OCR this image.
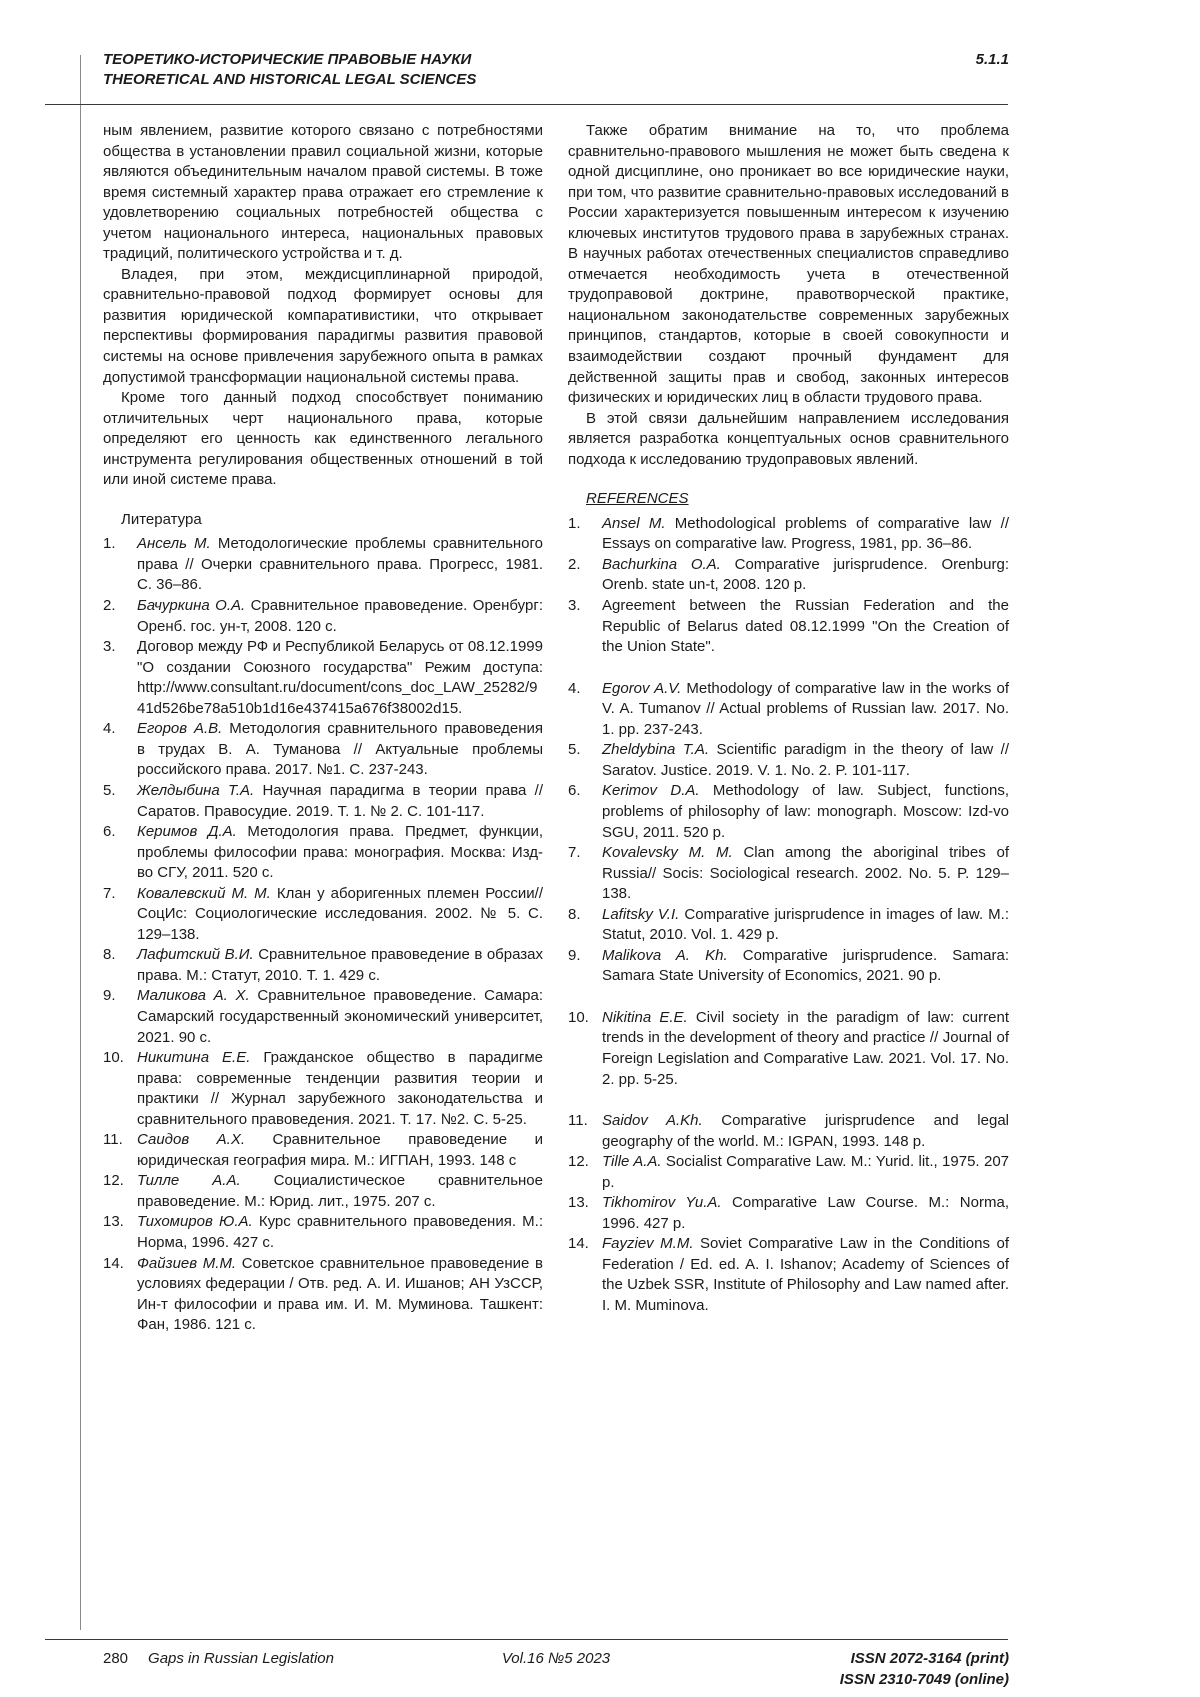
ТЕОРЕТИКО-ИСТОРИЧЕСКИЕ ПРАВОВЫЕ НАУКИ
THEORETICAL AND HISTORICAL LEGAL SCIENCES
5.1.1

ным явлением, развитие которого связано с потребностями общества в установлении правил социальной жизни, которые являются объединительным началом правой системы. В тоже время системный характер права отражает его стремление к удовлетворению социальных потребностей общества с учетом национального интереса, национальных правовых традиций, политического устройства и т. д.

Владея, при этом, междисциплинарной природой, сравнительно-правовой подход формирует основы для развития юридической компаративистики, что открывает перспективы формирования парадигмы развития правовой системы на основе привлечения зарубежного опыта в рамках допустимой трансформации национальной системы права.

Кроме того данный подход способствует пониманию отличительных черт национального права, которые определяют его ценность как единственного легального инструмента регулирования общественных отношений в той или иной системе права.

Литература
1.	Ансель М. Методологические проблемы сравнительного права // Очерки сравнительного права. Прогресс, 1981. С. 36–86.
2.	Бачуркина О.А. Сравнительное правоведение. Оренбург: Оренб. гос. ун-т, 2008. 120 с.
3.	Договор между РФ и Республикой Беларусь от 08.12.1999 "О создании Союзного государства" Режим доступа: http://www.consultant.ru/document/cons_doc_LAW_25282/941d526be78a510b1d16e437415a676f38002d15.
4.	Егоров А.В. Методология сравнительного правоведения в трудах В. А. Туманова // Актуальные проблемы российского права. 2017. №1. С. 237-243.
5.	Желдыбина Т.А. Научная парадигма в теории права // Саратов. Правосудие. 2019. Т. 1. № 2. С. 101-117.
6.	Керимов Д.А. Методология права. Предмет, функции, проблемы философии права: монография. Москва: Изд-во СГУ, 2011. 520 с.
7.	Ковалевский М. М. Клан у аборигенных племен России// СоцИс: Социологические исследования. 2002. № 5. С. 129–138.
8.	Лафитский В.И. Сравнительное правоведение в образах права. М.: Статут, 2010. Т. 1. 429 с.
9.	Маликова А. Х. Сравнительное правоведение. Самара: Самарский государственный экономический университет, 2021. 90 с.
10. Никитина Е.Е. Гражданское общество в парадигме права: современные тенденции развития теории и практики // Журнал зарубежного законодательства и сравнительного правоведения. 2021. Т. 17. №2. С. 5-25.
11. Саидов А.Х. Сравнительное правоведение и юридическая география мира. М.: ИГПАН, 1993. 148 с
12. Тилле А.А. Социалистическое сравнительное правоведение. М.: Юрид. лит., 1975. 207 с.
13. Тихомиров Ю.А. Курс сравнительного правоведения. М.: Норма, 1996. 427 с.
14. Файзиев М.М. Советское сравнительное правоведение в условиях федерации / Отв. ред. А. И. Ишанов; АН УзССР, Ин-т философии и права им. И. М. Муминова. Ташкент: Фан, 1986. 121 с.

Также обратим внимание на то, что проблема сравнительно-правового мышления не может быть сведена к одной дисциплине, оно проникает во все юридические науки, при том, что развитие сравнительно-правовых исследований в России характеризуется повышенным интересом к изучению ключевых институтов трудового права в зарубежных странах. В научных работах отечественных специалистов справедливо отмечается необходимость учета в отечественной трудоправовой доктрине, правотворческой практике, национальном законодательстве современных зарубежных принципов, стандартов, которые в своей совокупности и взаимодействии создают прочный фундамент для действенной защиты прав и свобод, законных интересов физических и юридических лиц в области трудового права.

В этой связи дальнейшим направлением исследования является разработка концептуальных основ сравнительного подхода к исследованию трудоправовых явлений.

REFERENCES
1.	Ansel M. Methodological problems of comparative law // Essays on comparative law. Progress, 1981, pp. 36–86.
2.	Bachurkina O.A. Comparative jurisprudence. Orenburg: Orenb. state un-t, 2008. 120 p.
3.	Agreement between the Russian Federation and the Republic of Belarus dated 08.12.1999 "On the Creation of the Union State".
4.	Egorov A.V. Methodology of comparative law in the works of V. A. Tumanov // Actual problems of Russian law. 2017. No. 1. pp. 237-243.
5.	Zheldybina T.A. Scientific paradigm in the theory of law // Saratov. Justice. 2019. V. 1. No. 2. P. 101-117.
6.	Kerimov D.A. Methodology of law. Subject, functions, problems of philosophy of law: monograph. Moscow: Izd-vo SGU, 2011. 520 p.
7.	Kovalevsky M. M. Clan among the aboriginal tribes of Russia// Socis: Sociological research. 2002. No. 5. P. 129–138.
8.	Lafitsky V.I. Comparative jurisprudence in images of law. M.: Statut, 2010. Vol. 1. 429 p.
9.	Malikova A. Kh. Comparative jurisprudence. Samara: Samara State University of Economics, 2021. 90 p.
10. Nikitina E.E. Civil society in the paradigm of law: current trends in the development of theory and practice // Journal of Foreign Legislation and Comparative Law. 2021. Vol. 17. No. 2. pp. 5-25.
11. Saidov A.Kh. Comparative jurisprudence and legal geography of the world. M.: IGPAN, 1993. 148 p.
12. Tille A.A. Socialist Comparative Law. M.: Yurid. lit., 1975. 207 p.
13. Tikhomirov Yu.A. Comparative Law Course. M.: Norma, 1996. 427 p.
14. Fayziev M.M. Soviet Comparative Law in the Conditions of Federation / Ed. ed. A. I. Ishanov; Academy of Sciences of the Uzbek SSR, Institute of Philosophy and Law named after. I. M. Muminova.
280 Gaps in Russian Legislation	Vol.16 №5 2023	ISSN 2072-3164 (print)
ISSN 2310-7049 (online)
